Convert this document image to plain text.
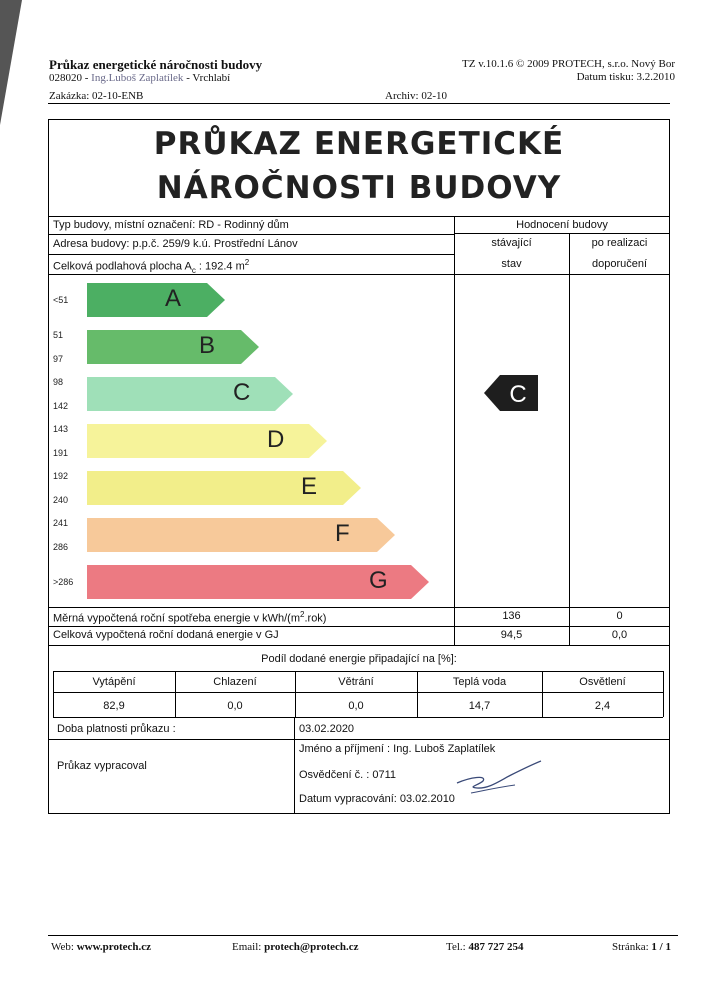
Průkaz energetické náročnosti budovy
028020 - Ing.Luboš Zaplatílek - Vrchlabí
Zakázka: 02-10-ENB	Archiv: 02-10
TZ v.10.1.6 © 2009 PROTECH, s.r.o. Nový Bor
Datum tisku: 3.2.2010
PRŮKAZ ENERGETICKÉ
NÁROČNOSTI BUDOVY
Typ budovy, místní označení: RD - Rodinný dům
Adresa budovy: p.p.č. 259/9 k.ú. Prostřední Lánov
Celková podlahová plocha $A_c$ : 192.4 $m^2$
Hodnocení budovy
stávající
stav
po realizaci
doporučení
A
<51
B
51
97
C
98
142
D
143
191
E
192
240
F
241
286
G
>286
C
Měrná vypočtená roční spotřeba energie v kWh/$(m^2.rok)$	136	0
Celková vypočtená roční dodaná energie v GJ	94,5	0,0
Podíl dodané energie připadající na [%]:
Vytápění	Chlazení	Větrání	Teplá voda	Osvětlení
82,9	0,0	0,0	14,7	2,4
Doba platnosti průkazu :	03.02.2020
Průkaz vypracoval
Jméno a příjmení : Ing. Luboš Zaplatílek
Osvědčení č. : 0711
Datum vypracování: 03.02.2010
Web: www.protech.cz	Email: protech@protech.cz	Tel.: 487 727 254	Stránka: 1 / 1
